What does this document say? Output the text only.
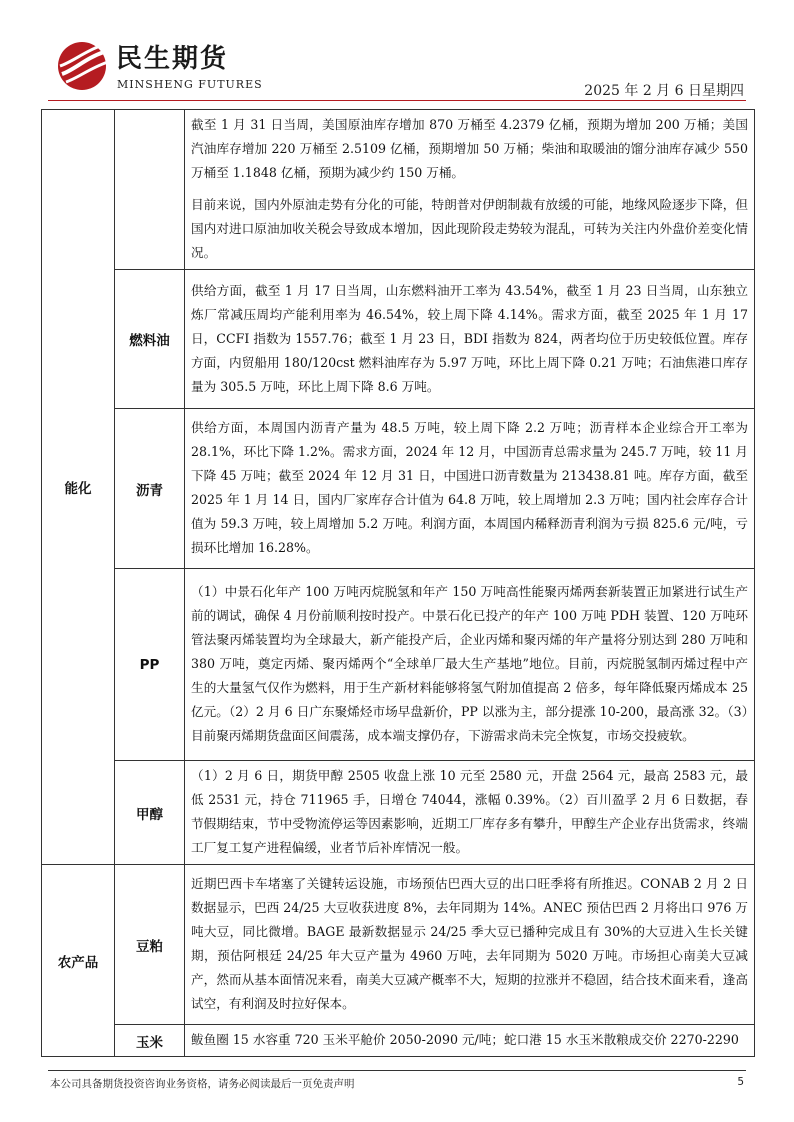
民生期货
MINSHENG FUTURES	2025 年 2 月 6 日星期四
能化		截至 1 月 31 日当周，美国原油库存增加 870 万桶至 4.2379 亿桶，预期为增加 200 万桶；美国汽油库存增加 220 万桶至 2.5109 亿桶，预期增加 50 万桶；柴油和取暖油的馏分油库存减少 550 万桶至 1.1848 亿桶，预期为减少约 150 万桶。

目前来说，国内外原油走势有分化的可能，特朗普对伊朗制裁有放缓的可能，地缘风险逐步下降，但国内对进口原油加收关税会导致成本增加，因此现阶段走势较为混乱，可转为关注内外盘价差变化情况。

	燃料油	供给方面，截至 1 月 17 日当周，山东燃料油开工率为 43.54%，截至 1 月 23 日当周，山东独立炼厂常减压周均产能利用率为 46.54%，较上周下降 4.14%。需求方面，截至 2025 年 1 月 17 日，CCFI 指数为 1557.76；截至 1 月 23 日，BDI 指数为 824，两者均位于历史较低位置。库存方面，内贸船用 180/120cst 燃料油库存为 5.97 万吨，环比上周下降 0.21 万吨；石油焦港口库存量为 305.5 万吨，环比上周下降 8.6 万吨。

	沥青	供给方面，本周国内沥青产量为 48.5 万吨，较上周下降 2.2 万吨；沥青样本企业综合开工率为 28.1%，环比下降 1.2%。需求方面，2024 年 12 月，中国沥青总需求量为 245.7 万吨，较 11 月下降 45 万吨；截至 2024 年 12 月 31 日，中国进口沥青数量为 213438.81 吨。库存方面，截至 2025 年 1 月 14 日，国内厂家库存合计值为 64.8 万吨，较上周增加 2.3 万吨；国内社会库存合计值为 59.3 万吨，较上周增加 5.2 万吨。利润方面，本周国内稀释沥青利润为亏损 825.6 元/吨，亏损环比增加 16.28%。

	PP	（1）中景石化年产 100 万吨丙烷脱氢和年产 150 万吨高性能聚丙烯两套新装置正加紧进行试生产前的调试，确保 4 月份前顺利按时投产。中景石化已投产的年产 100 万吨 PDH 装置、120 万吨环管法聚丙烯装置均为全球最大，新产能投产后，企业丙烯和聚丙烯的年产量将分别达到 280 万吨和 380 万吨，奠定丙烯、聚丙烯两个“全球单厂最大生产基地”地位。目前，丙烷脱氢制丙烯过程中产生的大量氢气仅作为燃料，用于生产新材料能够将氢气附加值提高 2 倍多，每年降低聚丙烯成本 25 亿元。（2）2 月 6 日广东聚烯烃市场早盘新价，PP 以涨为主，部分提涨 10-200，最高涨 32。（3）目前聚丙烯期货盘面区间震荡，成本端支撑仍存，下游需求尚未完全恢复，市场交投疲软。

	甲醇	（1）2 月 6 日，期货甲醇 2505 收盘上涨 10 元至 2580 元，开盘 2564 元，最高 2583 元，最低 2531 元，持仓 711965 手，日增仓 74044，涨幅 0.39%。（2）百川盈孚 2 月 6 日数据，春节假期结束，节中受物流停运等因素影响，近期工厂库存多有攀升，甲醇生产企业存出货需求，终端工厂复工复产进程偏缓，业者节后补库情况一般。

农产品	豆粕	近期巴西卡车堵塞了关键转运设施，市场预估巴西大豆的出口旺季将有所推迟。CONAB 2 月 2 日数据显示，巴西 24/25 大豆收获进度 8%，去年同期为 14%。ANEC 预估巴西 2 月将出口 976 万吨大豆，同比微增。BAGE 最新数据显示 24/25 季大豆已播种完成且有 30%的大豆进入生长关键期，预估阿根廷 24/25 年大豆产量为 4960 万吨，去年同期为 5020 万吨。市场担心南美大豆减产，然而从基本面情况来看，南美大豆减产概率不大，短期的拉涨并不稳固，结合技术面来看，逢高试空，有利润及时拉好保本。

	玉米	鲅鱼圈 15 水容重 720 玉米平舱价 2050-2090 元/吨；蛇口港 15 水玉米散粮成交价 2270-2290

本公司具备期货投资咨询业务资格，请务必阅读最后一页免责声明	5
